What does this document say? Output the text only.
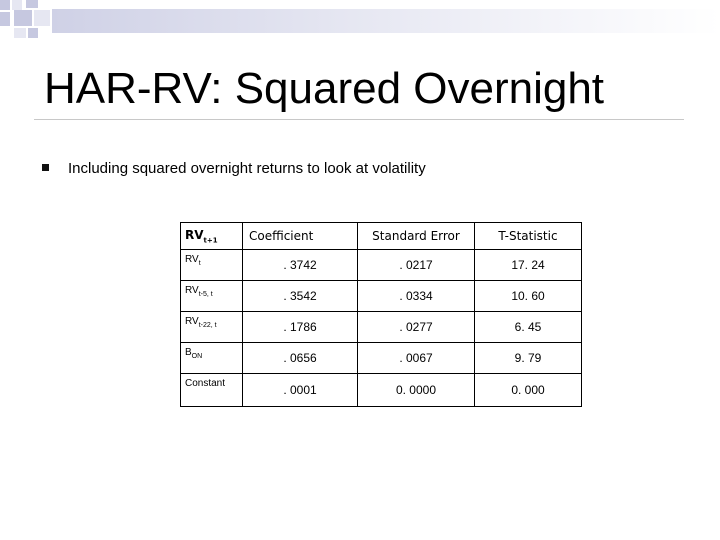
HAR-RV: Squared Overnight
Including squared overnight returns to look at volatility
$RV_{t+1}$	Coefficient	Standard Error	T-Statistic
$RV_t$	. 3742	. 0217	17. 24
$RV_{t-5, t}$	. 3542	. 0334	10. 60
$RV_{t-22, t}$	. 1786	. 0277	6. 45
$B_{ON}$	. 0656	. 0067	9. 79
Constant	. 0001	0. 0000	0. 000
